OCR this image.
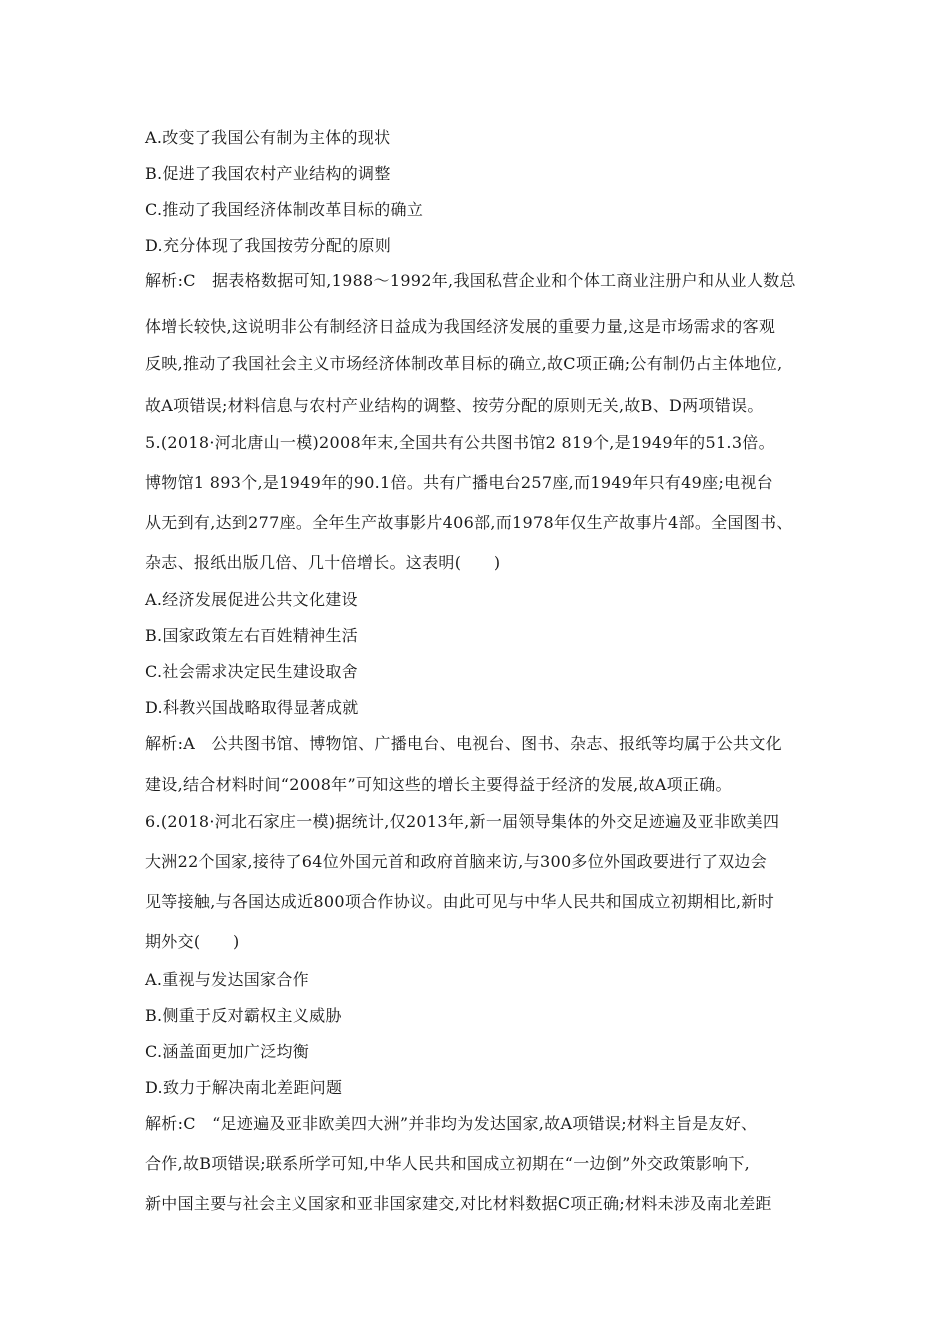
A.改变了我国公有制为主体的现状
B.促进了我国农村产业结构的调整
C.推动了我国经济体制改革目标的确立
D.充分体现了我国按劳分配的原则
解析:C　据表格数据可知,1988～1992年,我国私营企业和个体工商业注册户和从业人数总
体增长较快,这说明非公有制经济日益成为我国经济发展的重要力量,这是市场需求的客观
反映,推动了我国社会主义市场经济体制改革目标的确立,故C项正确;公有制仍占主体地位,
故A项错误;材料信息与农村产业结构的调整、按劳分配的原则无关,故B、D两项错误。
5.(2018·河北唐山一模)2008年末,全国共有公共图书馆2 819个,是1949年的51.3倍。
博物馆1 893个,是1949年的90.1倍。共有广播电台257座,而1949年只有49座;电视台
从无到有,达到277座。全年生产故事影片406部,而1978年仅生产故事片4部。全国图书、
杂志、报纸出版几倍、几十倍增长。这表明(　　)
A.经济发展促进公共文化建设
B.国家政策左右百姓精神生活
C.社会需求决定民生建设取舍
D.科教兴国战略取得显著成就
解析:A　公共图书馆、博物馆、广播电台、电视台、图书、杂志、报纸等均属于公共文化
建设,结合材料时间“2008年”可知这些的增长主要得益于经济的发展,故A项正确。
6.(2018·河北石家庄一模)据统计,仅2013年,新一届领导集体的外交足迹遍及亚非欧美四
大洲22个国家,接待了64位外国元首和政府首脑来访,与300多位外国政要进行了双边会
见等接触,与各国达成近800项合作协议。由此可见与中华人民共和国成立初期相比,新时
期外交(　　)
A.重视与发达国家合作
B.侧重于反对霸权主义威胁
C.涵盖面更加广泛均衡
D.致力于解决南北差距问题
解析:C　“足迹遍及亚非欧美四大洲”并非均为发达国家,故A项错误;材料主旨是友好、
合作,故B项错误;联系所学可知,中华人民共和国成立初期在“一边倒”外交政策影响下,
新中国主要与社会主义国家和亚非国家建交,对比材料数据C项正确;材料未涉及南北差距
